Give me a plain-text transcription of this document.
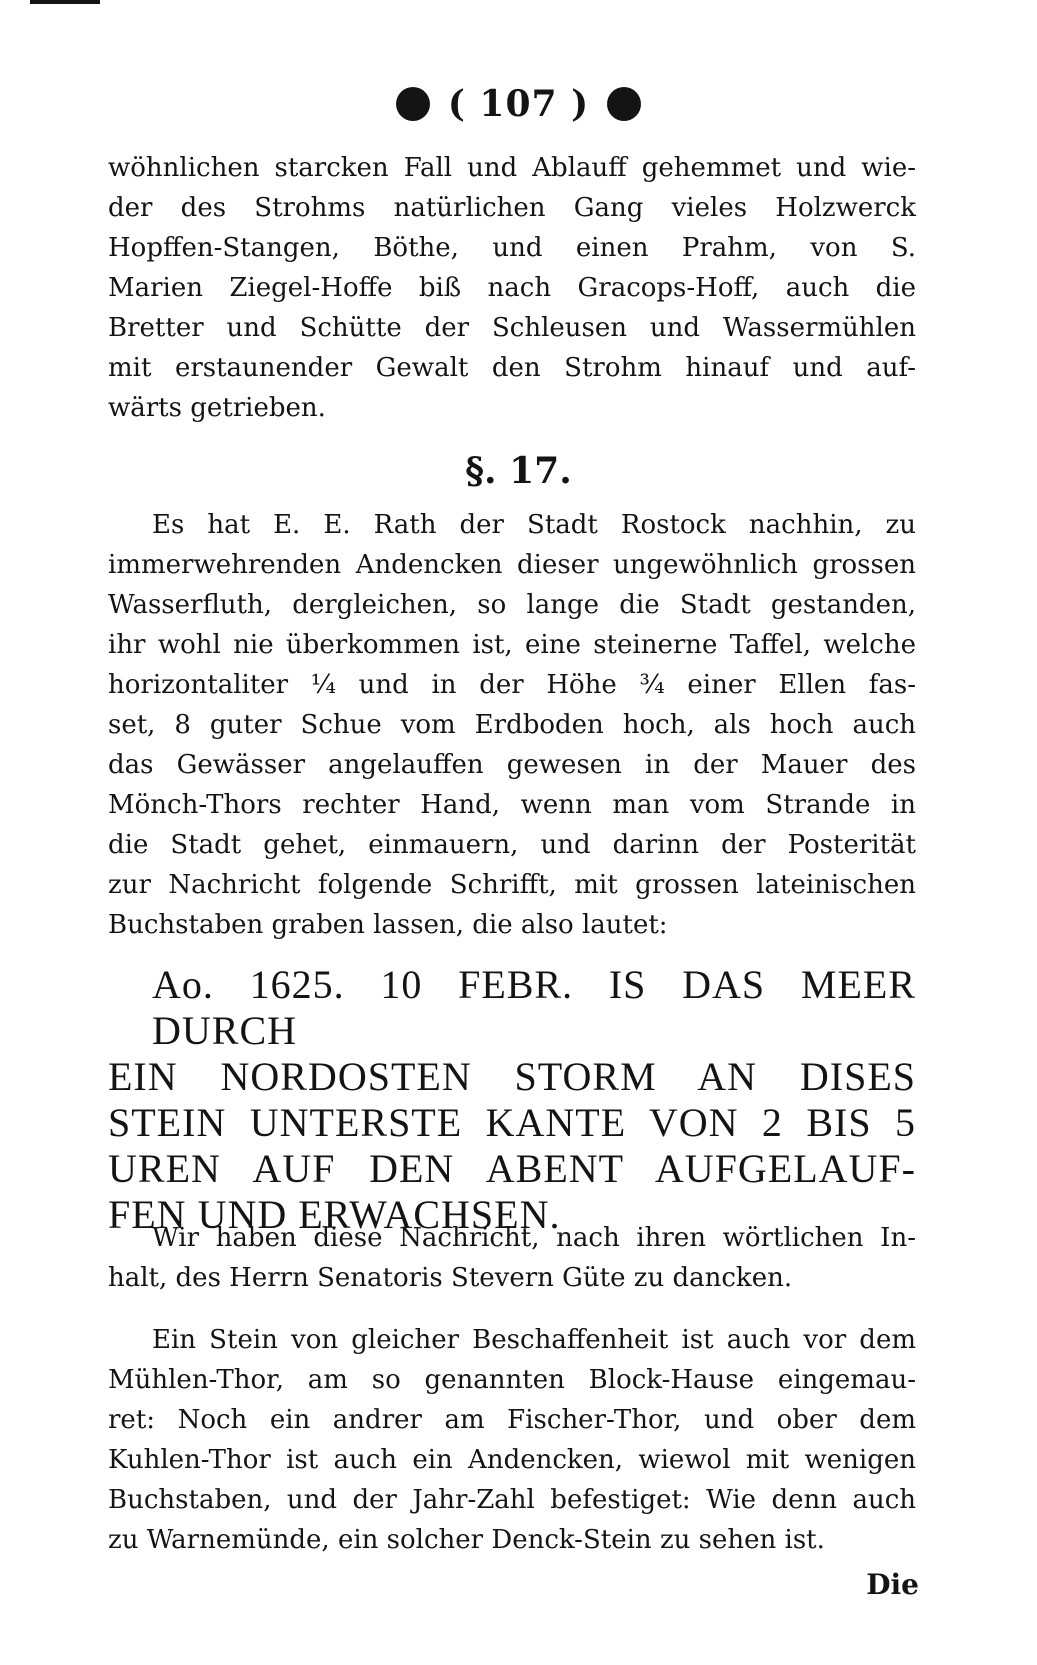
( 107 )
wöhnlichen starcken Fall und Ablauff gehemmet und wie-
der des Strohms natürlichen Gang vieles Holzwerck
Hopffen-Stangen, Böthe, und einen Prahm, von S.
Marien Ziegel-Hoffe biß nach Gracops-Hoff, auch die
Bretter und Schütte der Schleusen und Wassermühlen
mit erstaunender Gewalt den Strohm hinauf und auf-
wärts getrieben.
§. 17.
Es hat E. E. Rath der Stadt Rostock nachhin, zu
immerwehrenden Andencken dieser ungewöhnlich grossen
Wasserfluth, dergleichen, so lange die Stadt gestanden,
ihr wohl nie überkommen ist, eine steinerne Taffel, welche
horizontaliter ¼ und in der Höhe ¾ einer Ellen fas-
set, 8 guter Schue vom Erdboden hoch, als hoch auch
das Gewässer angelauffen gewesen in der Mauer des
Mönch-Thors rechter Hand, wenn man vom Strande in
die Stadt gehet, einmauern, und darinn der Posterität
zur Nachricht folgende Schrifft, mit grossen lateinischen
Buchstaben graben lassen, die also lautet:
Ao. 1625. 10 FEBR. IS DAS MEER DURCH
EIN NORDOSTEN STORM AN DISES
STEIN UNTERSTE KANTE VON 2 BIS 5
UREN AUF DEN ABENT AUFGELAUF-
FEN UND ERWACHSEN.
Wir haben diese Nachricht, nach ihren wörtlichen In-
halt, des Herrn Senatoris Stevern Güte zu dancken.
Ein Stein von gleicher Beschaffenheit ist auch vor dem
Mühlen-Thor, am so genannten Block-Hause eingemau-
ret: Noch ein andrer am Fischer-Thor, und ober dem
Kuhlen-Thor ist auch ein Andencken, wiewol mit wenigen
Buchstaben, und der Jahr-Zahl befestiget: Wie denn auch
zu Warnemünde, ein solcher Denck-Stein zu sehen ist.
Die
